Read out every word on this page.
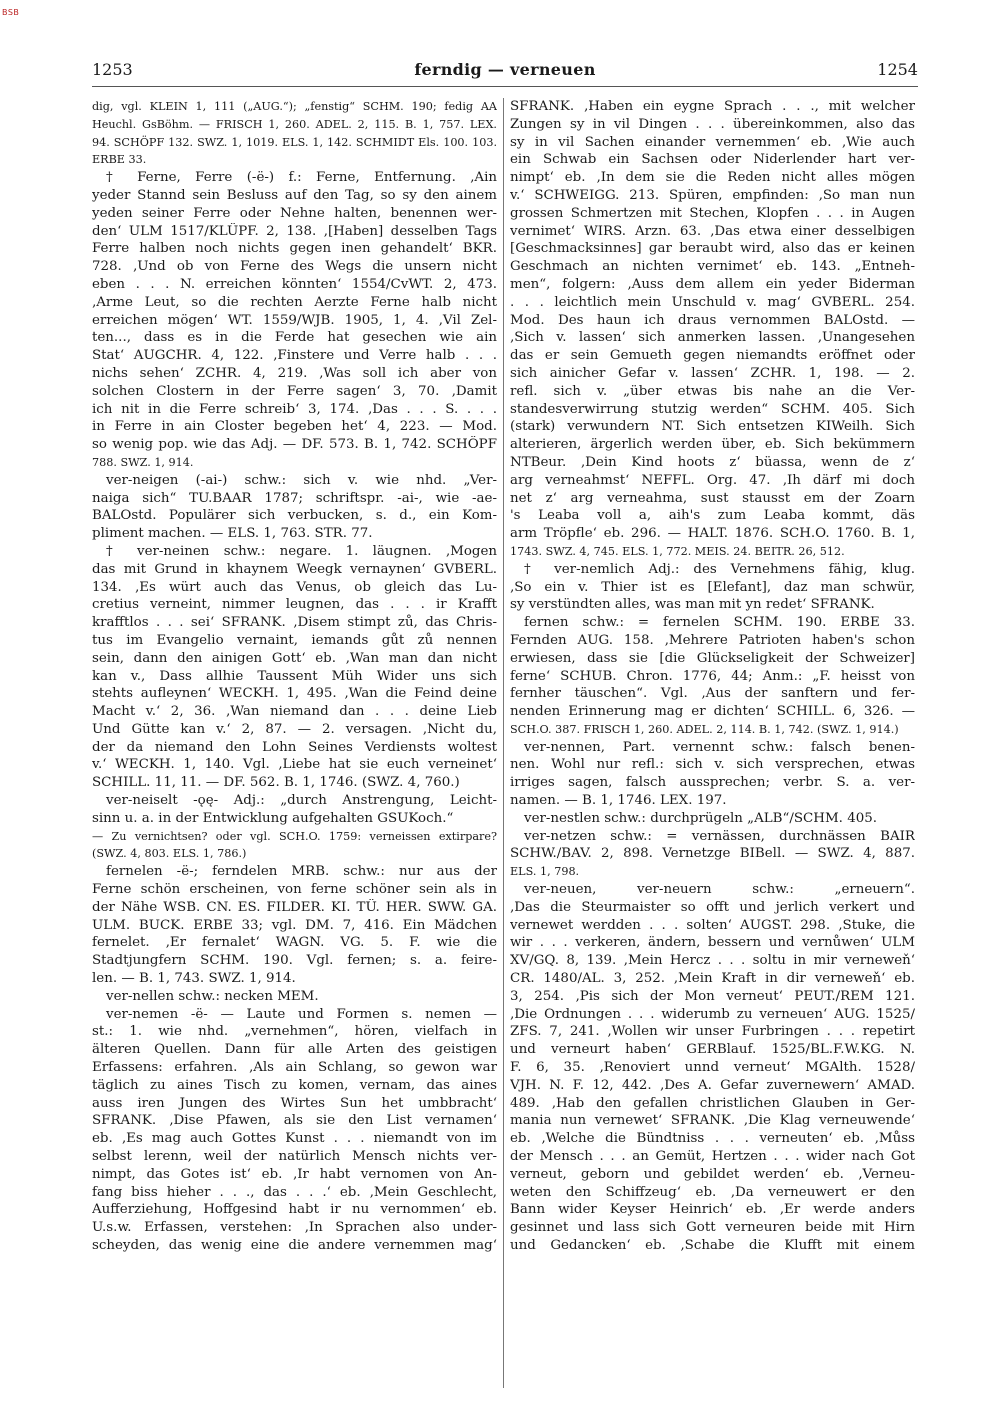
BSB
1253	ferndig — verneuen	1254
dig, vgl. KLEIN 1, 111 („AUG.“); „fenstig“ SCHM. 190; fedig AA
Heuchl. GsBöhm. — FRISCH 1, 260. ADEL. 2, 115. B. 1, 757. LEX.
94. SCHÖPF 132. SWZ. 1, 1019. ELS. 1, 142. SCHMIDT Els. 100. 103.
ERBE 33.
† Ferne, Ferre (-ë-) f.: Ferne, Entfernung. ‚Ain
yeder Stannd sein Besluss auf den Tag, so sy den ainem
yeden seiner Ferre oder Nehne halten, benennen wer-
den‘ ULM 1517/KLÜPF. 2, 138. ‚[Haben] desselben Tags
Ferre halben noch nichts gegen inen gehandelt‘ BKR.
728. ‚Und ob von Ferne des Wegs die unsern nicht
eben . . . N. erreichen könnten‘ 1554/CvWT. 2, 473.
‚Arme Leut, so die rechten Aerzte Ferne halb nicht
erreichen mögen‘ WT. 1559/WJB. 1905, 1, 4. ‚Vil Zel-
ten..., dass es in die Ferde hat gesechen wie ain
Stat‘ AUGCHR. 4, 122. ‚Finstere und Verre halb . . .
nichs sehen‘ ZCHR. 4, 219. ‚Was soll ich aber von
solchen Clostern in der Ferre sagen‘ 3, 70. ‚Damit
ich nit in die Ferre schreib‘ 3, 174. ‚Das . . . S. . . .
in Ferre in ain Closter begeben het‘ 4, 223. — Mod.
so wenig pop. wie das Adj. — DF. 573. B. 1, 742. SCHÖPF
788. SWZ. 1, 914.
ver-neigen (-ai-) schw.: sich v. wie nhd. „Ver-
naiga sich“ TU.BAAR 1787; schriftspr. -ai-, wie -ae-
BALOstd. Populärer sich verbucken, s. d., ein Kom-
pliment machen. — ELS. 1, 763. STR. 77.
† ver-neinen schw.: negare. 1. läugnen. ‚Mogen
das mit Grund in khaynem Weegk vernaynen‘ GVBERL.
134. ‚Es würt auch das Venus, ob gleich das Lu-
cretius verneint, nimmer leugnen, das . . . ir Krafft
krafftlos . . . sei‘ SFRANK. ‚Disem stimpt zů, das Chris-
tus im Evangelio vernaint, iemands gůt zů nennen
sein, dann den ainigen Gott‘ eb. ‚Wan man dan nicht
kan v., Dass allhie Taussent Müh Wider uns sich
stehts aufleynen‘ WECKH. 1, 495. ‚Wan die Feind deine
Macht v.‘ 2, 36. ‚Wan niemand dan . . . deine Lieb
Und Gütte kan v.‘ 2, 87. — 2. versagen. ‚Nicht du,
der da niemand den Lohn Seines Verdiensts woltest
v.‘ WECKH. 1, 140. Vgl. ‚Liebe hat sie euch verneinet‘
SCHILL. 11, 11. — DF. 562. B. 1, 1746. (SWZ. 4, 760.)
ver-neiselt -ǫę- Adj.: „durch Anstrengung, Leicht-
sinn u. a. in der Entwicklung aufgehalten GSUKoch.“
— Zu vernichtsen? oder vgl. SCH.O. 1759: verneissen extirpare?
(SWZ. 4, 803. ELS. 1, 786.)
fernelen -ë-; ferndelen MRB. schw.: nur aus der
Ferne schön erscheinen, von ferne schöner sein als in
der Nähe WSB. CN. ES. FILDER. KI. TÜ. HER. SWW. GA.
ULM. BUCK. ERBE 33; vgl. DM. 7, 416. Ein Mädchen
fernelet. ‚Er fernalet‘ WAGN. VG. 5. F. wie die
Stadtjungfern SCHM. 190. Vgl. fernen; s. a. feire-
len. — B. 1, 743. SWZ. 1, 914.
ver-nellen schw.: necken MEM.
ver-nemen -ë- — Laute und Formen s. nemen —
st.: 1. wie nhd. „vernehmen“, hören, vielfach in
älteren Quellen. Dann für alle Arten des geistigen
Erfassens: erfahren. ‚Als ain Schlang, so gewon war
täglich zu aines Tisch zu komen, vernam, das aines
auss iren Jungen des Wirtes Sun het umbbracht‘
SFRANK. ‚Dise Pfawen, als sie den List vernamen‘
eb. ‚Es mag auch Gottes Kunst . . . niemandt von im
selbst lerenn, weil der natürlich Mensch nichts ver-
nimpt, das Gotes ist‘ eb. ‚Ir habt vernomen von An-
fang biss hieher . . ., das . . .‘ eb. ‚Mein Geschlecht,
Aufferziehung, Hoffgesind habt ir nu vernommen‘ eb.
U.s.w. Erfassen, verstehen: ‚In Sprachen also under-
scheyden, das wenig eine die andere vernemmen mag‘
SFRANK. ‚Haben ein eygne Sprach . . ., mit welcher
Zungen sy in vil Dingen . . . übereinkommen, also das
sy in vil Sachen einander vernemmen‘ eb. ‚Wie auch
ein Schwab ein Sachsen oder Niderlender hart ver-
nimpt‘ eb. ‚In dem sie die Reden nicht alles mögen
v.‘ SCHWEIGG. 213. Spüren, empfinden: ‚So man nun
grossen Schmertzen mit Stechen, Klopfen . . . in Augen
vernimet‘ WIRS. Arzn. 63. ‚Das etwa einer desselbigen
[Geschmacksinnes] gar beraubt wird, also das er keinen
Geschmach an nichten vernimet‘ eb. 143. „Entneh-
men“, folgern: ‚Auss dem allem ein yeder Biderman
. . . leichtlich mein Unschuld v. mag‘ GVBERL. 254.
Mod. Des haun ich draus vernommen BALOstd. —
‚Sich v. lassen‘ sich anmerken lassen. ‚Unangesehen
das er sein Gemueth gegen niemandts eröffnet oder
sich ainicher Gefar v. lassen‘ ZCHR. 1, 198. — 2.
refl. sich v. „über etwas bis nahe an die Ver-
standesverwirrung stutzig werden“ SCHM. 405. Sich
(stark) verwundern NT. Sich entsetzen KIWeilh. Sich
alterieren, ärgerlich werden über, eb. Sich bekümmern
NTBeur. ‚Dein Kind hoots z‘ büassa, wenn de z‘
arg verneahmst‘ NEFFL. Org. 47. ‚Ih därf mi doch
net z‘ arg verneahma, sust stausst em der Zoarn
's Leaba voll a, aih's zum Leaba kommt, däs
arm Tröpfle‘ eb. 296. — HALT. 1876. SCH.O. 1760. B. 1,
1743. SWZ. 4, 745. ELS. 1, 772. MEIS. 24. BEITR. 26, 512.
† ver-nemlich Adj.: des Vernehmens fähig, klug.
‚So ein v. Thier ist es [Elefant], daz man schwür,
sy verstündten alles, was man mit yn redet‘ SFRANK.
fernen schw.: = fernelen SCHM. 190. ERBE 33.
Fernden AUG. 158. ‚Mehrere Patrioten haben's schon
erwiesen, dass sie [die Glückseligkeit der Schweizer]
ferne‘ SCHUB. Chron. 1776, 44; Anm.: „F. heisst von
fernher täuschen“. Vgl. ‚Aus der sanftern und fer-
nenden Erinnerung mag er dichten‘ SCHILL. 6, 326. —
SCH.O. 387. FRISCH 1, 260. ADEL. 2, 114. B. 1, 742. (SWZ. 1, 914.)
ver-nennen, Part. vernennt schw.: falsch benen-
nen. Wohl nur refl.: sich v. sich versprechen, etwas
irriges sagen, falsch aussprechen; verbr. S. a. ver-
namen. — B. 1, 1746. LEX. 197.
ver-nestlen schw.: durchprügeln „ALB“/SCHM. 405.
ver-netzen schw.: = vernässen, durchnässen BAIR
SCHW./BAV. 2, 898. Vernetzge BIBell. — SWZ. 4, 887.
ELS. 1, 798.
ver-neuen, ver-neuern schw.: „erneuern“.
‚Das die Steurmaister so offt und jerlich verkert und
vernewet werdden . . . solten‘ AUGST. 298. ‚Stuke, die
wir . . . verkeren, ändern, bessern und vernůwen‘ ULM
XV/GQ. 8, 139. ‚Mein Hercz . . . soltu in mir verneweň‘
CR. 1480/AL. 3, 252. ‚Mein Kraft in dir verneweň‘ eb.
3, 254. ‚Pis sich der Mon verneut‘ PEUT./REM 121.
‚Die Ordnungen . . . widerumb zu verneuen‘ AUG. 1525/
ZFS. 7, 241. ‚Wollen wir unser Furbringen . . . repetirt
und verneurt haben‘ GERBlauf. 1525/BL.F.W.KG. N.
F. 6, 35. ‚Renoviert unnd verneut‘ MGAlth. 1528/
VJH. N. F. 12, 442. ‚Des A. Gefar zuvernewern‘ AMAD.
489. ‚Hab den gefallen christlichen Glauben in Ger-
mania nun vernewet‘ SFRANK. ‚Die Klag verneuwende‘
eb. ‚Welche die Bündtniss . . . verneuten‘ eb. ‚Můss
der Mensch . . . an Gemüt, Hertzen . . . wider nach Got
verneut, geborn und gebildet werden‘ eb. ‚Verneu-
weten den Schiffzeug‘ eb. ‚Da verneuwert er den
Bann wider Keyser Heinrich‘ eb. ‚Er werde anders
gesinnet und lass sich Gott verneuren beide mit Hirn
und Gedancken‘ eb. ‚Schabe die Klufft mit einem
